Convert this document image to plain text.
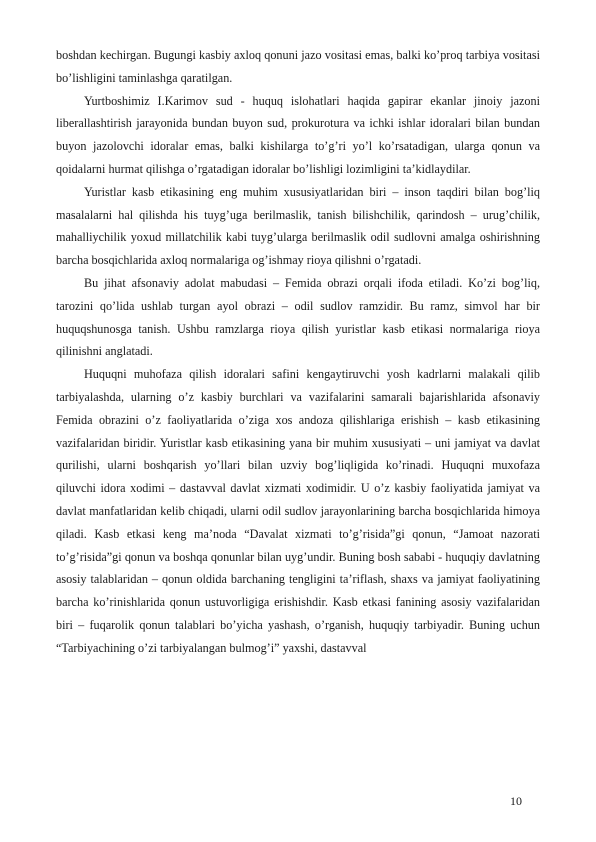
boshdan kechirgan. Bugungi kasbiy axloq qonuni jazo vositasi emas, balki ko’proq tarbiya vositasi bo’lishligini taminlashga qaratilgan.

Yurtboshimiz I.Karimov sud - huquq islohatlari haqida gapirar ekanlar jinoiy jazoni liberallashtirish jarayonida bundan buyon sud, prokurotura va ichki ishlar idoralari bilan bundan buyon jazolovchi idoralar emas, balki kishilarga to’g’ri yo’l ko’rsatadigan, ularga qonun va qoidalarni hurmat qilishga o’rgatadigan idoralar bo’lishligi lozimligini ta’kidlaydilar.

Yuristlar kasb etikasining eng muhim xususiyatlaridan biri – inson taqdiri bilan bog’liq masalalarni hal qilishda his tuyg’uga berilmaslik, tanish bilishchilik, qarindosh – urug’chilik, mahalliychilik yoxud millatchilik kabi tuyg’ularga berilmaslik odil sudlovni amalga oshirishning barcha bosqichlarida axloq normalariga og’ishmay rioya qilishni o’rgatadi.

Bu jihat afsonaviy adolat mabudasi – Femida obrazi orqali ifoda etiladi. Ko’zi bog’liq, tarozini qo’lida ushlab turgan ayol obrazi – odil sudlov ramzidir. Bu ramz, simvol har bir huquqshunosga tanish. Ushbu ramzlarga rioya qilish yuristlar kasb etikasi normalariga rioya qilinishni anglatadi.

Huquqni muhofaza qilish idoralari safini kengaytiruvchi yosh kadrlarni malakali qilib tarbiyalashda, ularning o’z kasbiy burchlari va vazifalarini samarali bajarishlarida afsonaviy Femida obrazini o’z faoliyatlarida o’ziga xos andoza qilishlariga erishish – kasb etikasining vazifalaridan biridir. Yuristlar kasb etikasining yana bir muhim xususiyati – uni jamiyat va davlat qurilishi, ularni boshqarish yo’llari bilan uzviy bog’liqligida ko’rinadi. Huquqni muxofaza qiluvchi idora xodimi – dastavval davlat xizmati xodimidir. U o’z kasbiy faoliyatida jamiyat va davlat manfatlaridan kelib chiqadi, ularni odil sudlov jarayonlarining barcha bosqichlarida himoya qiladi. Kasb etkasi keng ma’noda “Davalat xizmati to’g’risida”gi qonun, “Jamoat nazorati to’g’risida”gi qonun va boshqa qonunlar bilan uyg’undir. Buning bosh sababi - huquqiy davlatning asosiy talablaridan – qonun oldida barchaning tengligini ta’riflash, shaxs va jamiyat faoliyatining barcha ko’rinishlarida qonun ustuvorligiga erishishdir. Kasb etkasi fanining asosiy vazifalaridan biri – fuqarolik qonun talablari bo’yicha yashash, o’rganish, huquqiy tarbiyadir. Buning uchun “Tarbiyachining o’zi tarbiyalangan bulmog’i” yaxshi, dastavval

10
